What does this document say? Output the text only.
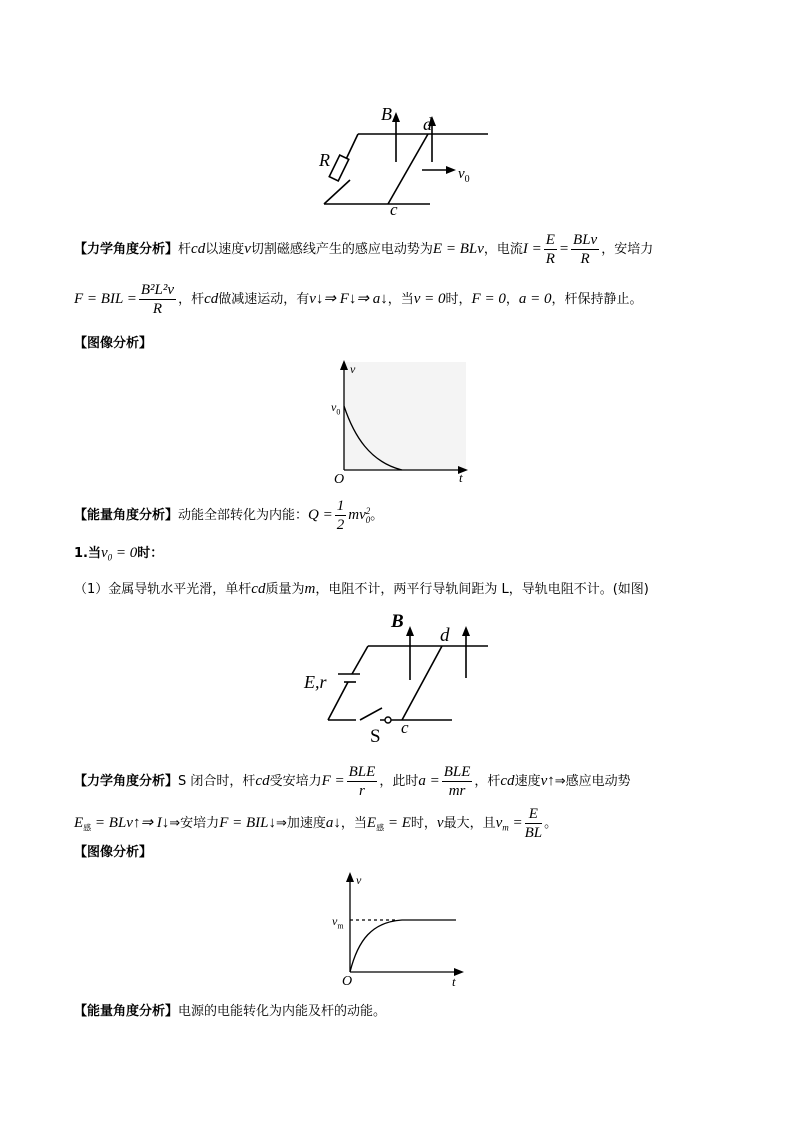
B d
R
$v_0$
c
【力学角度分析】杆cd以速度v切割磁感线产生的感应电动势为E = BLv，电流$I = \frac{E}{R} = \frac{\text{BLv}}{R}$ ，安培力
F = BIL = $\frac{\text{B²L²v}}{R}$ ，杆cd做减速运动，有v↓⇒ F↓⇒ a↓，当v = 0时，F = 0，a = 0，杆保持静止。
【图像分析】
v
$v_0$
O	t
【能量角度分析】动能全部转化为内能：$Q = \frac{1}{2}$ mv 2
0 。
1.当$v_0 = 0$时：
（1）金属导轨水平光滑，单杆cd质量为m，电阻不计，两平行导轨间距为 L，导轨电阻不计。(如图)
B
d
E,r
S c
【力学角度分析】S 闭合时，杆cd受安培力$F = \frac{\text{BLE}}{r}$ ，此时$a = \frac{\text{BLE}}{mr}$ ，杆cd速度v↑⇒感应电动势
$E_感$ = BLv↑⇒ I↓⇒安培力F = BIL↓⇒加速度a↓，当$E_感 = E$时，v最大，且$v_m = \frac{E}{BL}$ 。
【图像分析】
v
$v_m$
O	t
【能量角度分析】电源的电能转化为内能及杆的动能。
